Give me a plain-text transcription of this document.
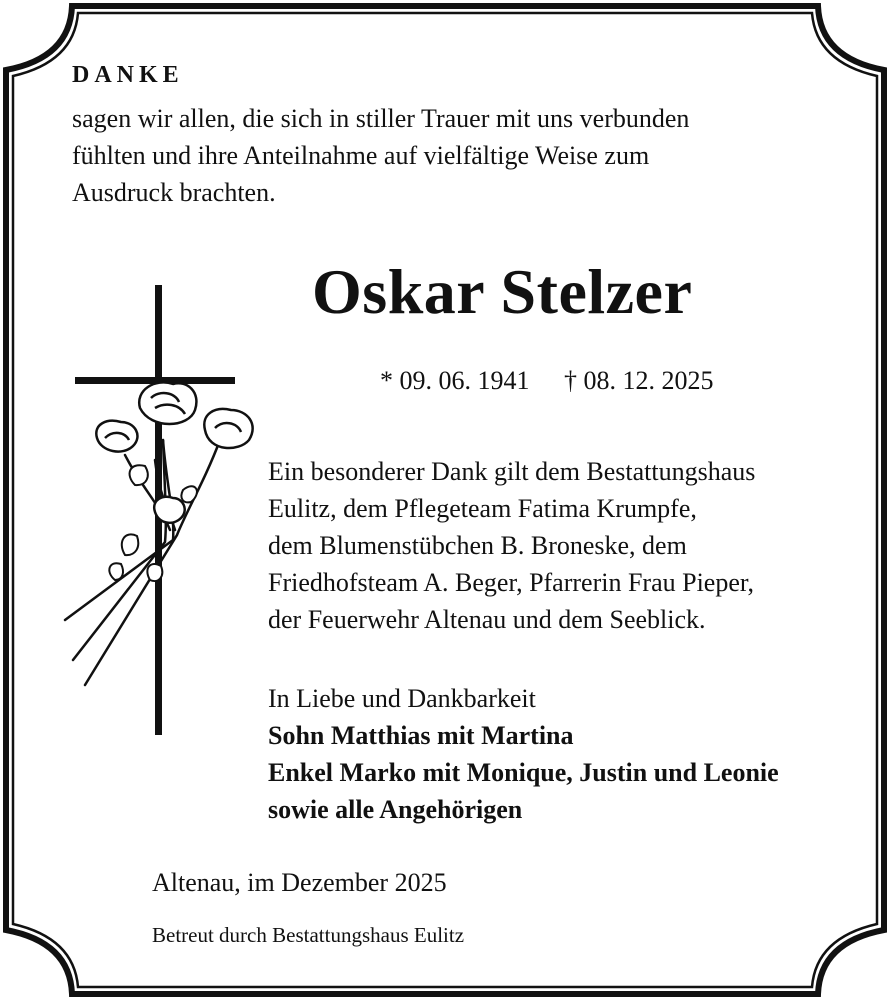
DANKE
sagen wir allen, die sich in stiller Trauer mit uns verbunden
fühlten und ihre Anteilnahme auf vielfältige Weise zum
Ausdruck brachten.
Oskar Stelzer
* 09. 06. 1941 † 08. 12. 2025
Ein besonderer Dank gilt dem Bestattungshaus
Eulitz, dem Pflegeteam Fatima Krumpfe,
dem Blumenstübchen B. Broneske, dem
Friedhofsteam A. Beger, Pfarrerin Frau Pieper,
der Feuerwehr Altenau und dem Seeblick.
In Liebe und Dankbarkeit
Sohn Matthias mit Martina
Enkel Marko mit Monique, Justin und Leonie
sowie alle Angehörigen
Altenau, im Dezember 2025
Betreut durch Bestattungshaus Eulitz
